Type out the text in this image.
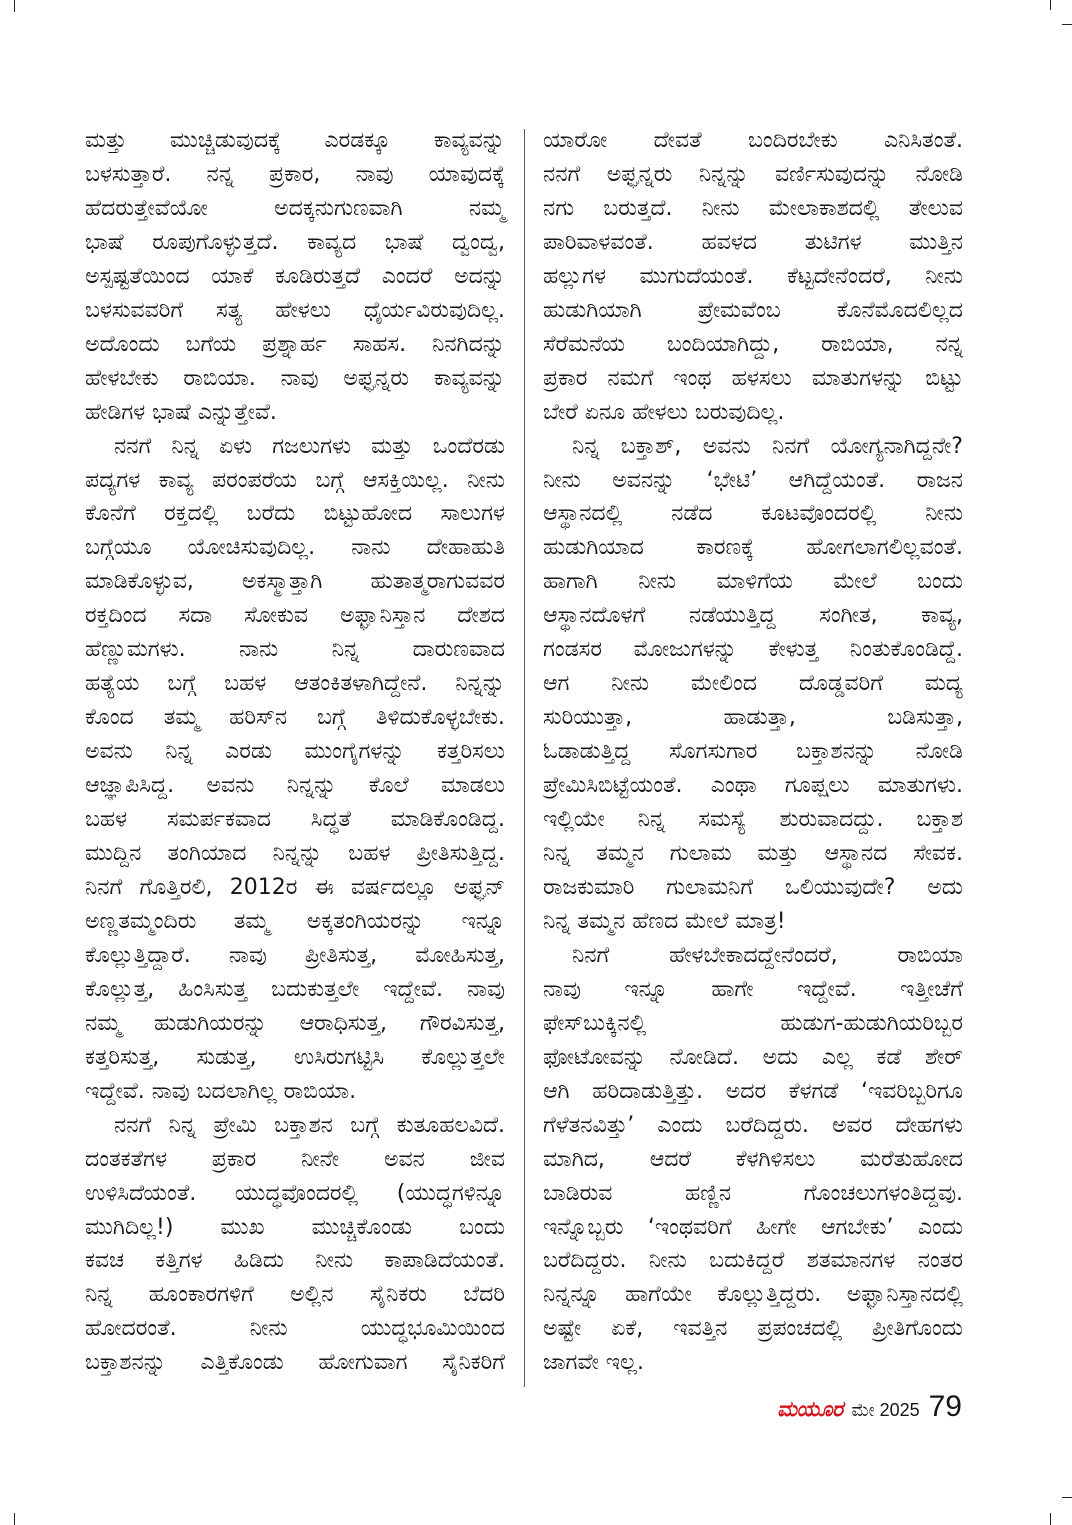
ಮತ್ತು ಮುಚ್ಚಿಡುವುದಕ್ಕೆ ಎರಡಕ್ಕೂ ಕಾವ್ಯವನ್ನು
ಬಳಸುತ್ತಾರೆ. ನನ್ನ ಪ್ರಕಾರ, ನಾವು ಯಾವುದಕ್ಕೆ
ಹೆದರುತ್ತೇವೆಯೋ ಅದಕ್ಕನುಗುಣವಾಗಿ ನಮ್ಮ
ಭಾಷೆ ರೂಪುಗೊಳ್ಳುತ್ತದೆ. ಕಾವ್ಯದ ಭಾಷೆ ದ್ವಂದ್ವ,
ಅಸ್ಪಷ್ಟತೆಯಿಂದ ಯಾಕೆ ಕೂಡಿರುತ್ತದೆ ಎಂದರೆ ಅದನ್ನು
ಬಳಸುವವರಿಗೆ ಸತ್ಯ ಹೇಳಲು ಧೈರ್ಯವಿರುವುದಿಲ್ಲ.
ಅದೊಂದು ಬಗೆಯ ಪ್ರಶ್ನಾರ್ಹ ಸಾಹಸ. ನಿನಗಿದನ್ನು
ಹೇಳಬೇಕು ರಾಬಿಯಾ. ನಾವು ಅಫ್ಘನ್ನರು ಕಾವ್ಯವನ್ನು
ಹೇಡಿಗಳ ಭಾಷೆ ಎನ್ನುತ್ತೇವೆ.
ನನಗೆ ನಿನ್ನ ಏಳು ಗಜಲುಗಳು ಮತ್ತು ಒಂದೆರಡು
ಪದ್ಯಗಳ ಕಾವ್ಯ ಪರಂಪರೆಯ ಬಗ್ಗೆ ಆಸಕ್ತಿಯಿಲ್ಲ. ನೀನು
ಕೊನೆಗೆ ರಕ್ತದಲ್ಲಿ ಬರೆದು ಬಿಟ್ಟುಹೋದ ಸಾಲುಗಳ
ಬಗ್ಗೆಯೂ ಯೋಚಿಸುವುದಿಲ್ಲ. ನಾನು ದೇಹಾಹುತಿ
ಮಾಡಿಕೊಳ್ಳುವ, ಅಕಸ್ಮಾತ್ತಾಗಿ ಹುತಾತ್ಮರಾಗುವವರ
ರಕ್ತದಿಂದ ಸದಾ ಸೋಕುವ ಅಫ್ಘಾನಿಸ್ತಾನ ದೇಶದ
ಹೆಣ್ಣುಮಗಳು. ನಾನು ನಿನ್ನ ದಾರುಣವಾದ
ಹತ್ಯೆಯ ಬಗ್ಗೆ ಬಹಳ ಆತಂಕಿತಳಾಗಿದ್ದೇನೆ. ನಿನ್ನನ್ನು
ಕೊಂದ ತಮ್ಮ ಹರಿಸ್‌ನ ಬಗ್ಗೆ ತಿಳಿದುಕೊಳ್ಳಬೇಕು.
ಅವನು ನಿನ್ನ ಎರಡು ಮುಂಗೈಗಳನ್ನು ಕತ್ತರಿಸಲು
ಆಜ್ಞಾಪಿಸಿದ್ದ. ಅವನು ನಿನ್ನನ್ನು ಕೊಲೆ ಮಾಡಲು
ಬಹಳ ಸಮರ್ಪಕವಾದ ಸಿದ್ಧತೆ ಮಾಡಿಕೊಂಡಿದ್ದ.
ಮುದ್ದಿನ ತಂಗಿಯಾದ ನಿನ್ನನ್ನು ಬಹಳ ಪ್ರೀತಿಸುತ್ತಿದ್ದ.
ನಿನಗೆ ಗೊತ್ತಿರಲಿ, 2012ರ ಈ ವರ್ಷದಲ್ಲೂ ಅಫ್ಘನ್
ಅಣ್ಣತಮ್ಮಂದಿರು ತಮ್ಮ ಅಕ್ಕತಂಗಿಯರನ್ನು ಇನ್ನೂ
ಕೊಲ್ಲುತ್ತಿದ್ದಾರೆ. ನಾವು ಪ್ರೀತಿಸುತ್ತ, ಮೋಹಿಸುತ್ತ,
ಕೊಲ್ಲುತ್ತ, ಹಿಂಸಿಸುತ್ತ ಬದುಕುತ್ತಲೇ ಇದ್ದೇವೆ. ನಾವು
ನಮ್ಮ ಹುಡುಗಿಯರನ್ನು ಆರಾಧಿಸುತ್ತ, ಗೌರವಿಸುತ್ತ,
ಕತ್ತರಿಸುತ್ತ, ಸುಡುತ್ತ, ಉಸಿರುಗಟ್ಟಿಸಿ ಕೊಲ್ಲುತ್ತಲೇ
ಇದ್ದೇವೆ. ನಾವು ಬದಲಾಗಿಲ್ಲ ರಾಬಿಯಾ.
ನನಗೆ ನಿನ್ನ ಪ್ರೇಮಿ ಬಕ್ತಾಶನ ಬಗ್ಗೆ ಕುತೂಹಲವಿದೆ.
ದಂತಕತೆಗಳ ಪ್ರಕಾರ ನೀನೇ ಅವನ ಜೀವ
ಉಳಿಸಿದೆಯಂತೆ. ಯುದ್ಧವೊಂದರಲ್ಲಿ (ಯುದ್ಧಗಳಿನ್ನೂ
ಮುಗಿದಿಲ್ಲ!) ಮುಖ ಮುಚ್ಚಿಕೊಂಡು ಬಂದು
ಕವಚ ಕತ್ತಿಗಳ ಹಿಡಿದು ನೀನು ಕಾಪಾಡಿದೆಯಂತೆ.
ನಿನ್ನ ಹೂಂಕಾರಗಳಿಗೆ ಅಲ್ಲಿನ ಸೈನಿಕರು ಬೆದರಿ
ಹೋದರಂತೆ. ನೀನು ಯುದ್ಧಭೂಮಿಯಿಂದ
ಬಕ್ತಾಶನನ್ನು ಎತ್ತಿಕೊಂಡು ಹೋಗುವಾಗ ಸೈನಿಕರಿಗೆ
ಯಾರೋ ದೇವತೆ ಬಂದಿರಬೇಕು ಎನಿಸಿತಂತೆ.
ನನಗೆ ಅಫ್ಘನ್ನರು ನಿನ್ನನ್ನು ವರ್ಣಿಸುವುದನ್ನು ನೋಡಿ
ನಗು ಬರುತ್ತದೆ. ನೀನು ಮೇಲಾಕಾಶದಲ್ಲಿ ತೇಲುವ
ಪಾರಿವಾಳವಂತೆ. ಹವಳದ ತುಟಿಗಳ ಮುತ್ತಿನ
ಹಲ್ಲುಗಳ ಮುಗುದೆಯಂತೆ. ಕೆಟ್ಟದೇನೆಂದರೆ, ನೀನು
ಹುಡುಗಿಯಾಗಿ ಪ್ರೇಮವೆಂಬ ಕೊನೆಮೊದಲಿಲ್ಲದ
ಸೆರೆಮನೆಯ ಬಂದಿಯಾಗಿದ್ದು, ರಾಬಿಯಾ, ನನ್ನ
ಪ್ರಕಾರ ನಮಗೆ ಇಂಥ ಹಳಸಲು ಮಾತುಗಳನ್ನು ಬಿಟ್ಟು
ಬೇರೆ ಏನೂ ಹೇಳಲು ಬರುವುದಿಲ್ಲ.
ನಿನ್ನ ಬಕ್ತಾಶ್, ಅವನು ನಿನಗೆ ಯೋಗ್ಯನಾಗಿದ್ದನೇ?
ನೀನು ಅವನನ್ನು ‘ಭೇಟಿ’ ಆಗಿದ್ದೆಯಂತೆ. ರಾಜನ
ಆಸ್ಥಾನದಲ್ಲಿ ನಡೆದ ಕೂಟವೊಂದರಲ್ಲಿ ನೀನು
ಹುಡುಗಿಯಾದ ಕಾರಣಕ್ಕೆ ಹೋಗಲಾಗಲಿಲ್ಲವಂತೆ.
ಹಾಗಾಗಿ ನೀನು ಮಾಳಿಗೆಯ ಮೇಲೆ ಬಂದು
ಆಸ್ಥಾನದೊಳಗೆ ನಡೆಯುತ್ತಿದ್ದ ಸಂಗೀತ, ಕಾವ್ಯ,
ಗಂಡಸರ ಮೋಜುಗಳನ್ನು ಕೇಳುತ್ತ ನಿಂತುಕೊಂಡಿದ್ದೆ.
ಆಗ ನೀನು ಮೇಲಿಂದ ದೊಡ್ಡವರಿಗೆ ಮದ್ಯ
ಸುರಿಯುತ್ತಾ, ಹಾಡುತ್ತಾ, ಬಡಿಸುತ್ತಾ,
ಓಡಾಡುತ್ತಿದ್ದ ಸೊಗಸುಗಾರ ಬಕ್ತಾಶನನ್ನು ನೋಡಿ
ಪ್ರೇಮಿಸಿಬಿಟ್ಟೆಯಂತೆ. ಎಂಥಾ ಗೂಪ್ಷಲು ಮಾತುಗಳು.
ಇಲ್ಲಿಯೇ ನಿನ್ನ ಸಮಸ್ಯೆ ಶುರುವಾದದ್ದು. ಬಕ್ತಾಶ
ನಿನ್ನ ತಮ್ಮನ ಗುಲಾಮ ಮತ್ತು ಆಸ್ಥಾನದ ಸೇವಕ.
ರಾಜಕುಮಾರಿ ಗುಲಾಮನಿಗೆ ಒಲಿಯುವುದೇ? ಅದು
ನಿನ್ನ ತಮ್ಮನ ಹೆಣದ ಮೇಲೆ ಮಾತ್ರ!
ನಿನಗೆ ಹೇಳಬೇಕಾದದ್ದೇನೆಂದರೆ, ರಾಬಿಯಾ
ನಾವು ಇನ್ನೂ ಹಾಗೇ ಇದ್ದೇವೆ. ಇತ್ತೀಚೆಗೆ
ಫೇಸ್‌ಬುಕ್ಕಿನಲ್ಲಿ ಹುಡುಗ-ಹುಡುಗಿಯರಿಬ್ಬರ
ಫೋಟೋವನ್ನು ನೋಡಿದೆ. ಅದು ಎಲ್ಲ ಕಡೆ ಶೇರ್
ಆಗಿ ಹರಿದಾಡುತ್ತಿತ್ತು. ಅದರ ಕೆಳಗಡೆ ‘ಇವರಿಬ್ಬರಿಗೂ
ಗೆಳೆತನವಿತ್ತು’ ಎಂದು ಬರೆದಿದ್ದರು. ಅವರ ದೇಹಗಳು
ಮಾಗಿದ, ಆದರೆ ಕೆಳಗಿಳಿಸಲು ಮರೆತುಹೋದ
ಬಾಡಿರುವ ಹಣ್ಣಿನ ಗೊಂಚಲುಗಳಂತಿದ್ದವು.
ಇನ್ನೊಬ್ಬರು ‘ಇಂಥವರಿಗೆ ಹೀಗೇ ಆಗಬೇಕು’ ಎಂದು
ಬರೆದಿದ್ದರು. ನೀನು ಬದುಕಿದ್ದರೆ ಶತಮಾನಗಳ ನಂತರ
ನಿನ್ನನ್ನೂ ಹಾಗೆಯೇ ಕೊಲ್ಲುತ್ತಿದ್ದರು. ಅಫ್ಘಾನಿಸ್ತಾನದಲ್ಲಿ
ಅಷ್ಟೇ ಏಕೆ, ಇವತ್ತಿನ ಪ್ರಪಂಚದಲ್ಲಿ ಪ್ರೀತಿಗೊಂದು
ಜಾಗವೇ ಇಲ್ಲ.
ಮಯೂರ ಮೇ 2025 79
